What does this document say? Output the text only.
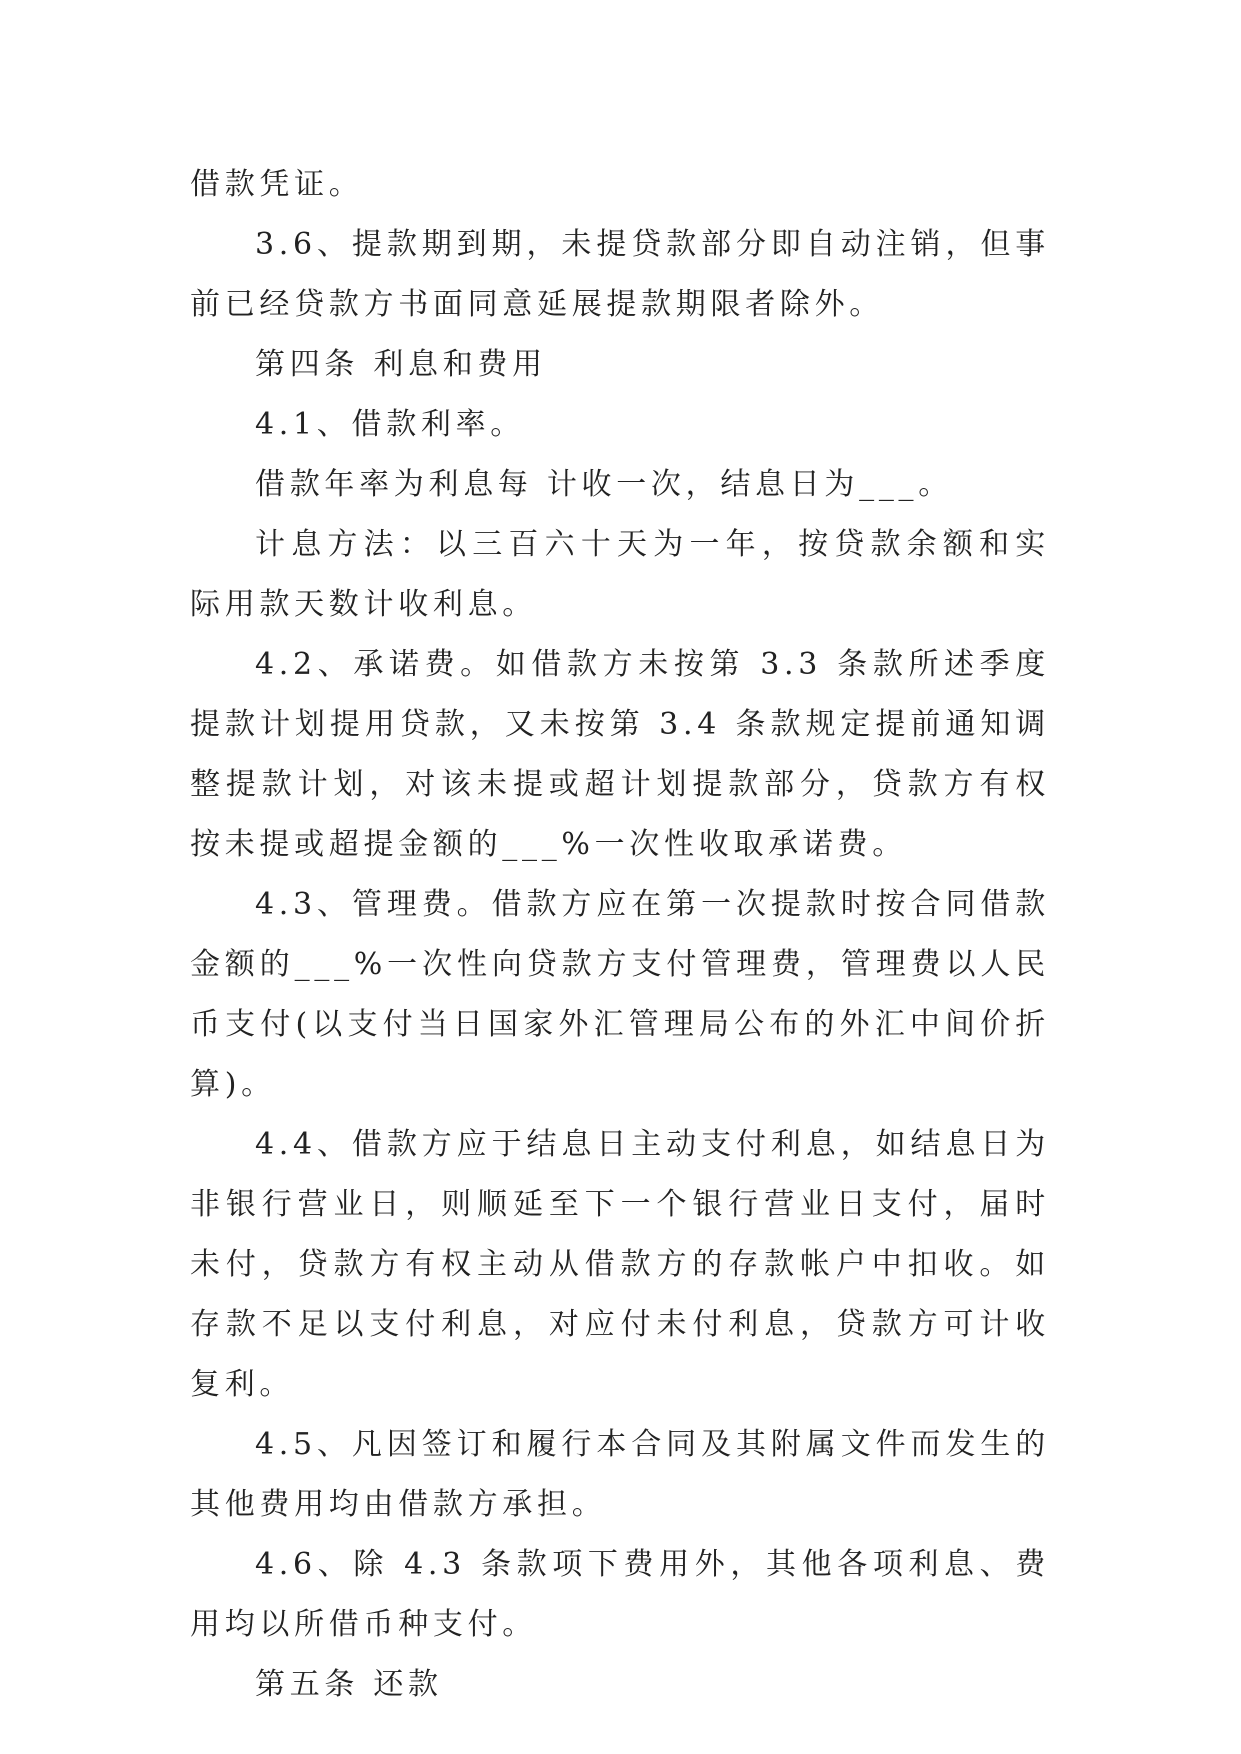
借款凭证。

3.6、提款期到期，未提贷款部分即自动注销，但事前已经贷款方书面同意延展提款期限者除外。

第四条 利息和费用

4.1、借款利率。

借款年率为利息每 计收一次，结息日为___。

计息方法：以三百六十天为一年，按贷款余额和实际用款天数计收利息。

4.2、承诺费。如借款方未按第 3.3 条款所述季度提款计划提用贷款，又未按第 3.4 条款规定提前通知调整提款计划，对该未提或超计划提款部分，贷款方有权按未提或超提金额的___%一次性收取承诺费。

4.3、管理费。借款方应在第一次提款时按合同借款金额的___%一次性向贷款方支付管理费，管理费以人民币支付(以支付当日国家外汇管理局公布的外汇中间价折算)。

4.4、借款方应于结息日主动支付利息，如结息日为非银行营业日，则顺延至下一个银行营业日支付，届时未付，贷款方有权主动从借款方的存款帐户中扣收。如存款不足以支付利息，对应付未付利息，贷款方可计收复利。

4.5、凡因签订和履行本合同及其附属文件而发生的其他费用均由借款方承担。

4.6、除 4.3 条款项下费用外，其他各项利息、费用均以所借币种支付。

第五条 还款
